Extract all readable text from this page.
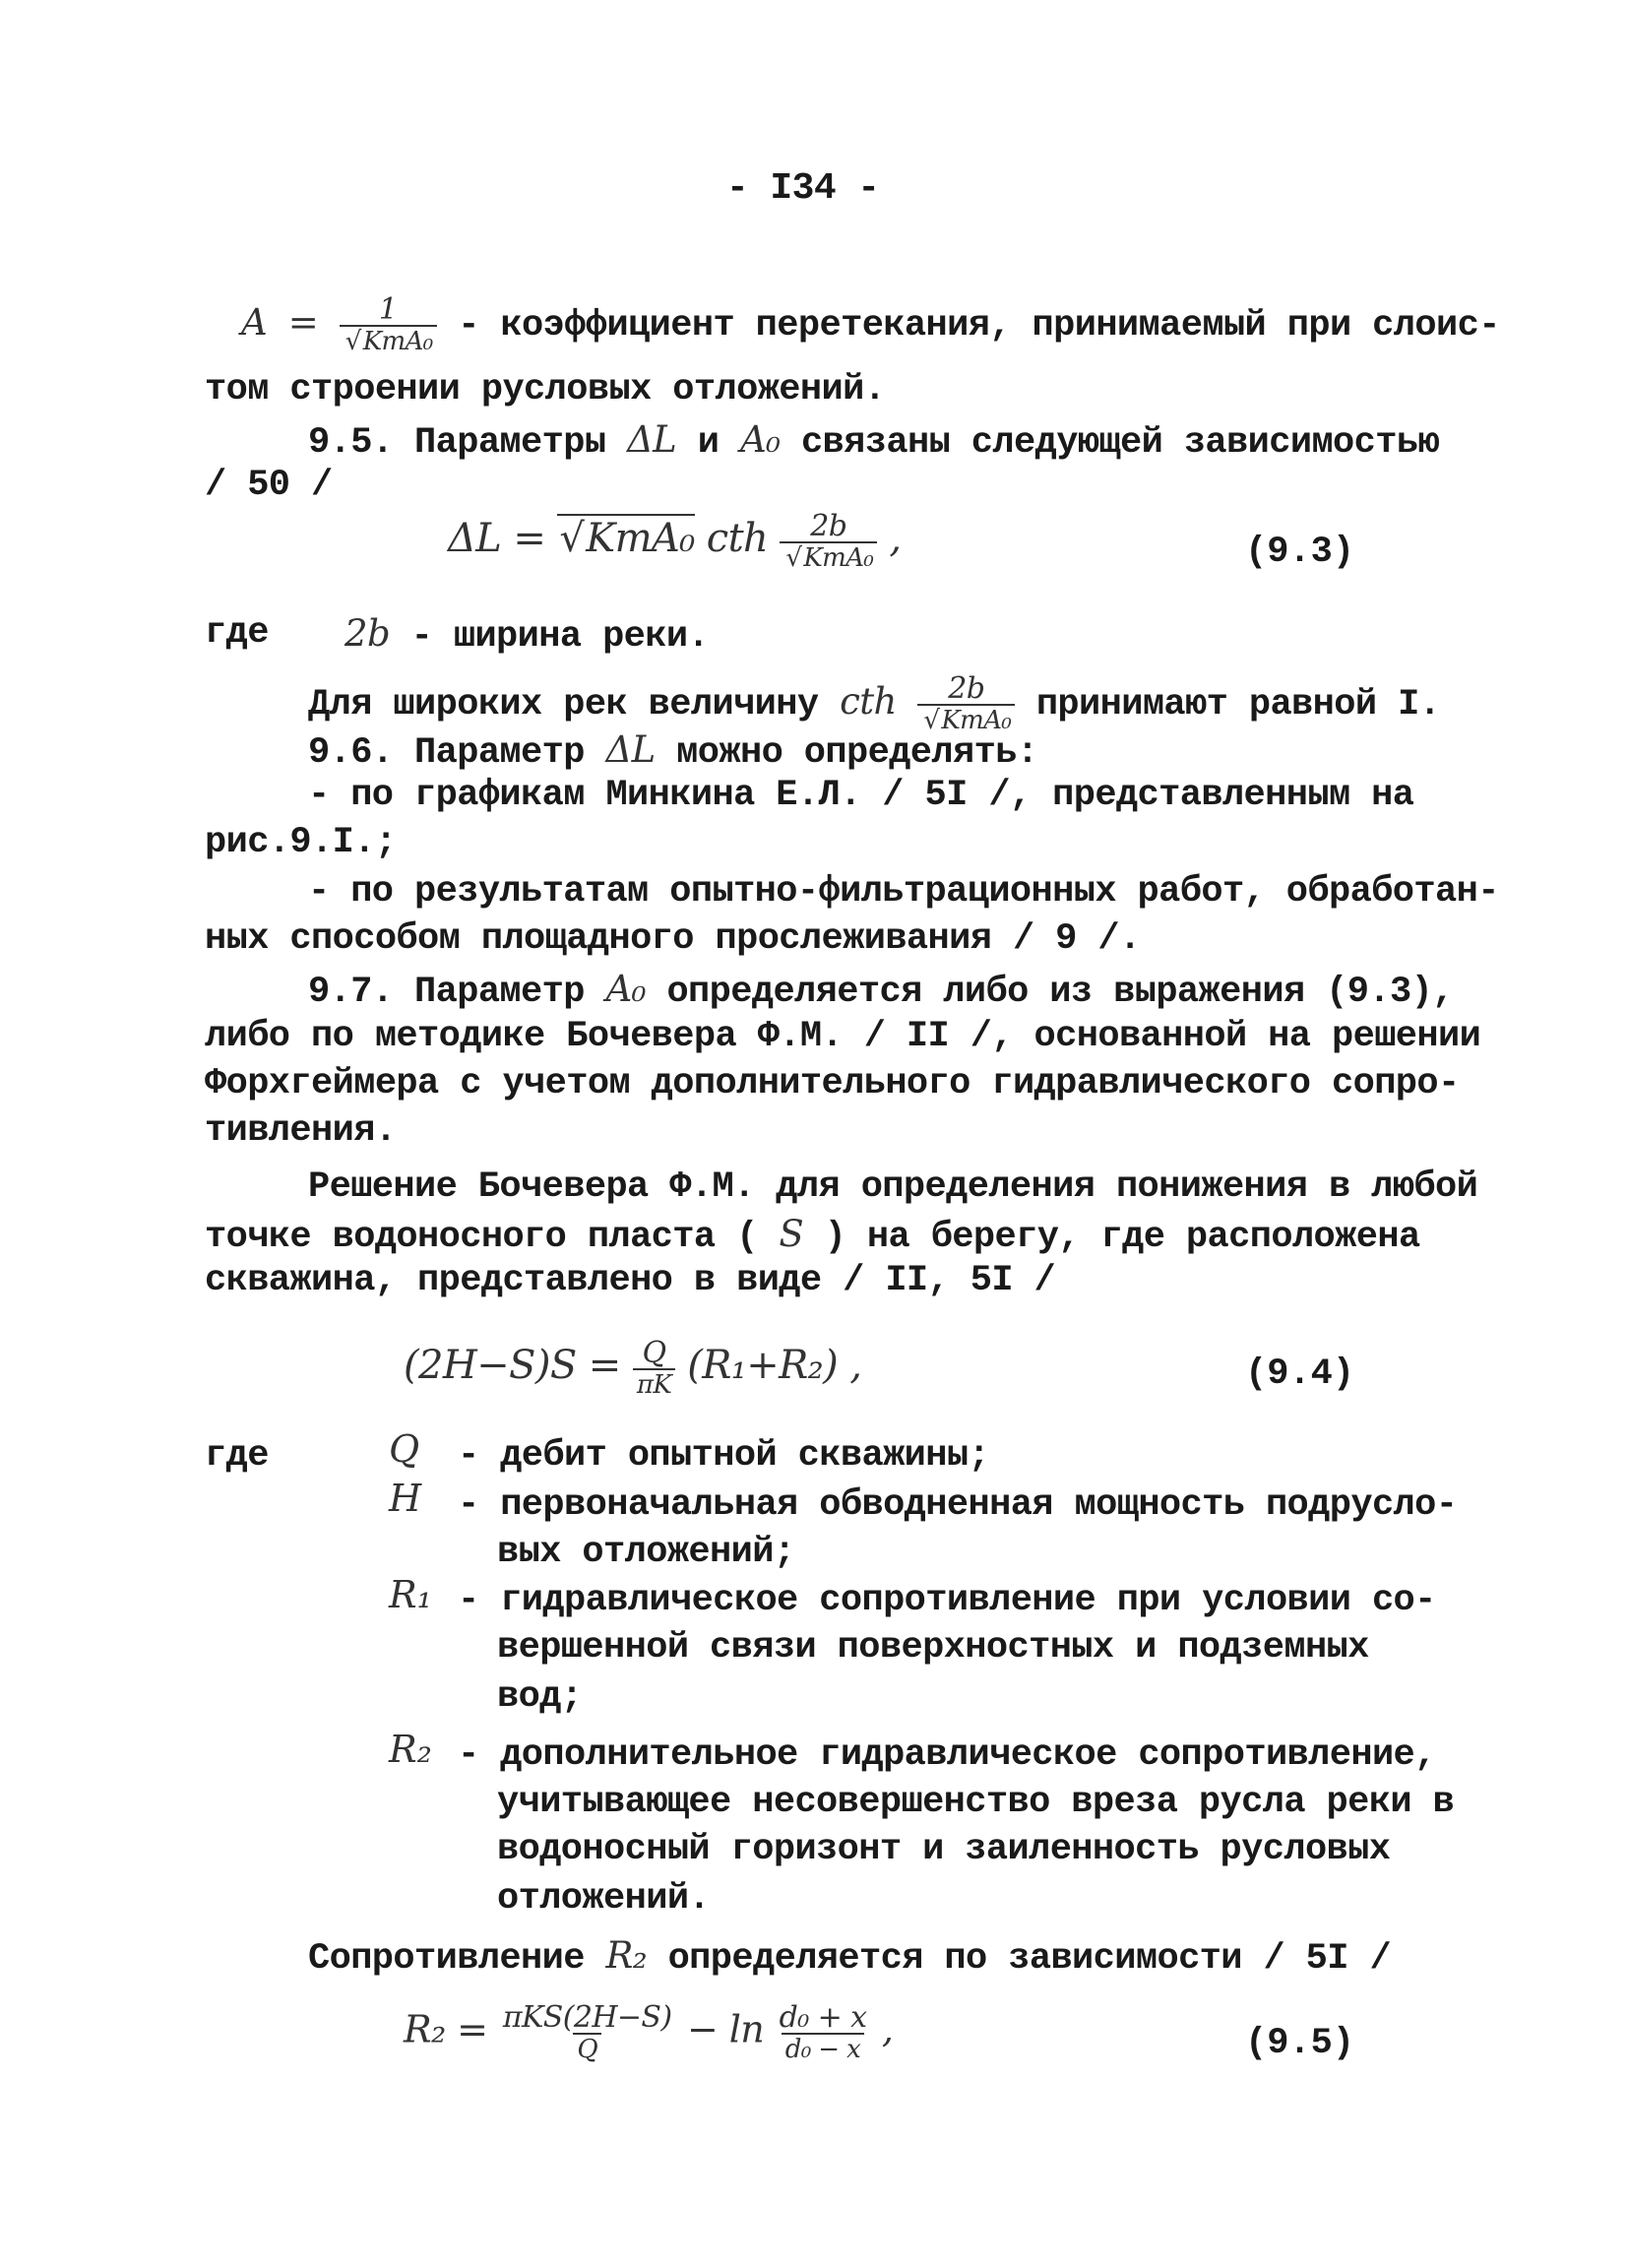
- I34 -
A = 1
√ KmA₀ - коэффициент перетекания, принимаемый при слоис-
том строении русловых отложений.
9.5. Параметры ΔL и A₀ связаны следующей зависимостью
/ 50 /
ΔL = √ KmA₀ cth 2b
√ KmA₀ ,	(9.3)
где 2b - ширина реки.
Для широких рек величину cth 2b
√ KmA₀ принимают равной I.
9.6. Параметр ΔL можно определять:
- по графикам Минкина Е.Л. / 5I /, представленным на
рис.9.I.;
- по результатам опытно-фильтрационных работ, обработан-
ных способом площадного прослеживания / 9 /.
9.7. Параметр A₀ определяется либо из выражения (9.3),
либо по методике Бочевера Ф.М. / II /, основанной на решении
Форхгеймера с учетом дополнительного гидравлического сопро-
тивления.
Решение Бочевера Ф.М. для определения понижения в любой
точке водоносного пласта ( S ) на берегу, где расположена
скважина, представлено в виде / II, 5I /
$(2H-S)S = \frac{Q}{\pi K} (R_1+R_2)$ ,	(9.4)
где	Q - дебит опытной скважины;
H - первоначальная обводненная мощность подрусло-
вых отложений;
R₁ - гидравлическое сопротивление при условии со-
вершенной связи поверхностных и подземных
вод;
R₂ - дополнительное гидравлическое сопротивление,
учитывающее несовершенство вреза русла реки в
водоносный горизонт и заиленность русловых
отложений.
Сопротивление R₂ определяется по зависимости / 5I /
$R_2 = \frac{\text{πKS(2H−S)}}{Q} - \ln \frac{\text{d₀ + x}}{\text{d₀ − x}}$ ,	(9.5)
